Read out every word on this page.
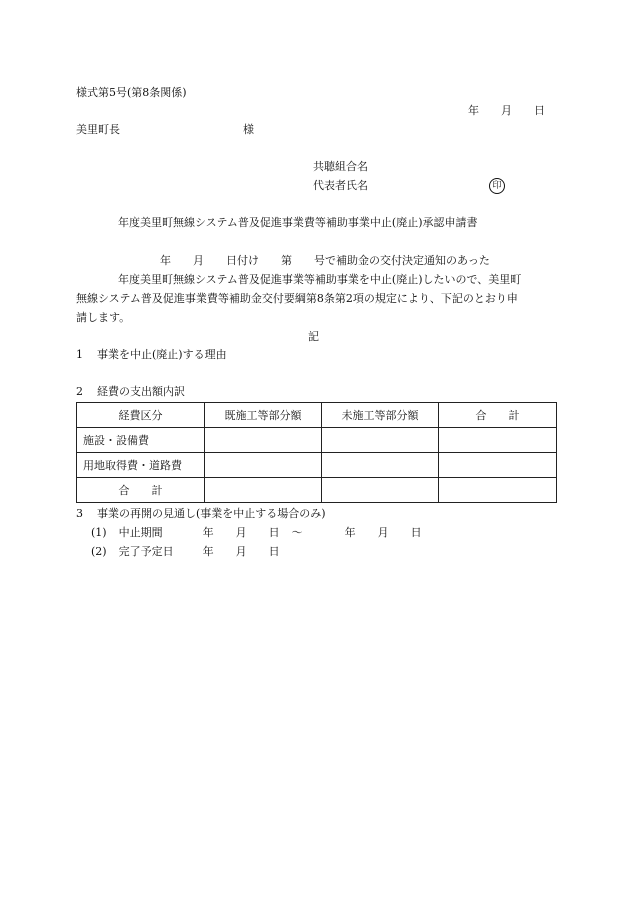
様式第5号(第8条関係)
年 月 日
美里町長	様
共聴組合名
代表者氏名	印
年度美里町無線システム普及促進事業費等補助事業中止(廃止)承認申請書
年 月 日付け 第 号で補助金の交付決定通知のあった
年度美里町無線システム普及促進事業等補助事業を中止(廃止)したいので、美里町
無線システム普及促進事業費等補助金交付要綱第8条第2項の規定により、下記のとおり申
請します。
記
1 事業を中止(廃止)する理由
2 経費の支出額内訳
経費区分	既施工等部分額	未施工等部分額	合　　計
施設・設備費			
用地取得費・道路費			
合　　計			
3 事業の再開の見通し(事業を中止する場合のみ)
(1) 中止期間	年 月 日 ～	年 月 日
(2) 完了予定日	年 月 日
